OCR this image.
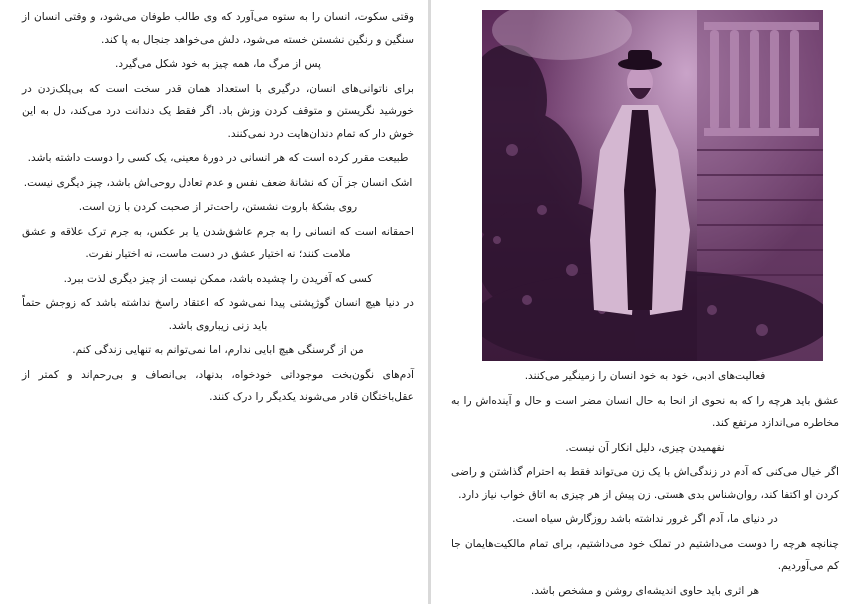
وقتی سکوت، انسان را به ستوه می‌آورد که وی طالب طوفان می‌شود، و وقتی انسان از سنگین و رنگین نشستن خسته می‌شود، دلش می‌خواهد جنجال به پا کند.

پس از مرگ ما، همه چیز به خود شکل می‌گیرد.

برای ناتوانی‌های انسان، درگیری با استعداد همان قدر سخت است که بی‌پلک‌زدن در خورشید نگریستن و متوقف کردن وزش باد. اگر فقط یک دندانت درد می‌کند، دل به این خوش دار که تمام دندان‌هایت درد نمی‌کنند.

طبیعت مقرر کرده است که هر انسانی در دورهٔ معینی، یک کسی را دوست داشته باشد.

اشک انسان جز آن که نشانهٔ ضعف نفس و عدم تعادل روحی‌اش باشد، چیز دیگری نیست.

روی بشکهٔ باروت نشستن، راحت‌تر از صحبت کردن با زن است.

احمقانه است که انسانی را به جرم عاشق‌شدن یا بر عکس، به جرم ترک علاقه و عشق ملامت کنند؛ نه اختیار عشق در دست ماست، نه اختیار نفرت.

کسی که آفریدن را چشیده باشد، ممکن نیست از چیز دیگری لذت ببرد.

در دنیا هیچ انسان گوژپشتی پیدا نمی‌شود که اعتقاد راسخ نداشته باشد که زوجش حتماً باید زنی زیباروی باشد.

من از گرسنگی هیچ ابایی ندارم، اما نمی‌توانم به تنهایی زندگی کنم.

آدم‌های نگون‌بخت موجوداتی خودخواه، بدنهاد، بی‌انصاف و بی‌رحم‌اند و کمتر از عقل‌باختگان قادر می‌شوند یکدیگر را درک کنند.

فعالیت‌های ادبی، خود به خود انسان را زمینگیر می‌کنند.

عشق باید هرچه را که به نحوی از انحا به حال انسان مضر است و حال و آینده‌اش را به مخاطره می‌اندازد مرتفع کند.

نفهمیدن چیزی، دلیل انکار آن نیست.

اگر خیال می‌کنی که آدم در زندگی‌اش با یک زن می‌تواند فقط به احترام گذاشتن و راضی کردن او اکتفا کند، روان‌شناس بدی هستی. زن پیش از هر چیزی به اتاق خواب نیاز دارد.

در دنیای ما، آدم اگر غرور نداشته باشد روزگارش سیاه است.

چنانچه هرچه را دوست می‌داشتیم در تملک خود می‌داشتیم، برای تمام مالکیت‌هایمان جا کم می‌آوردیم.

هر اثری باید حاوی اندیشه‌ای روشن و مشخص باشد.
